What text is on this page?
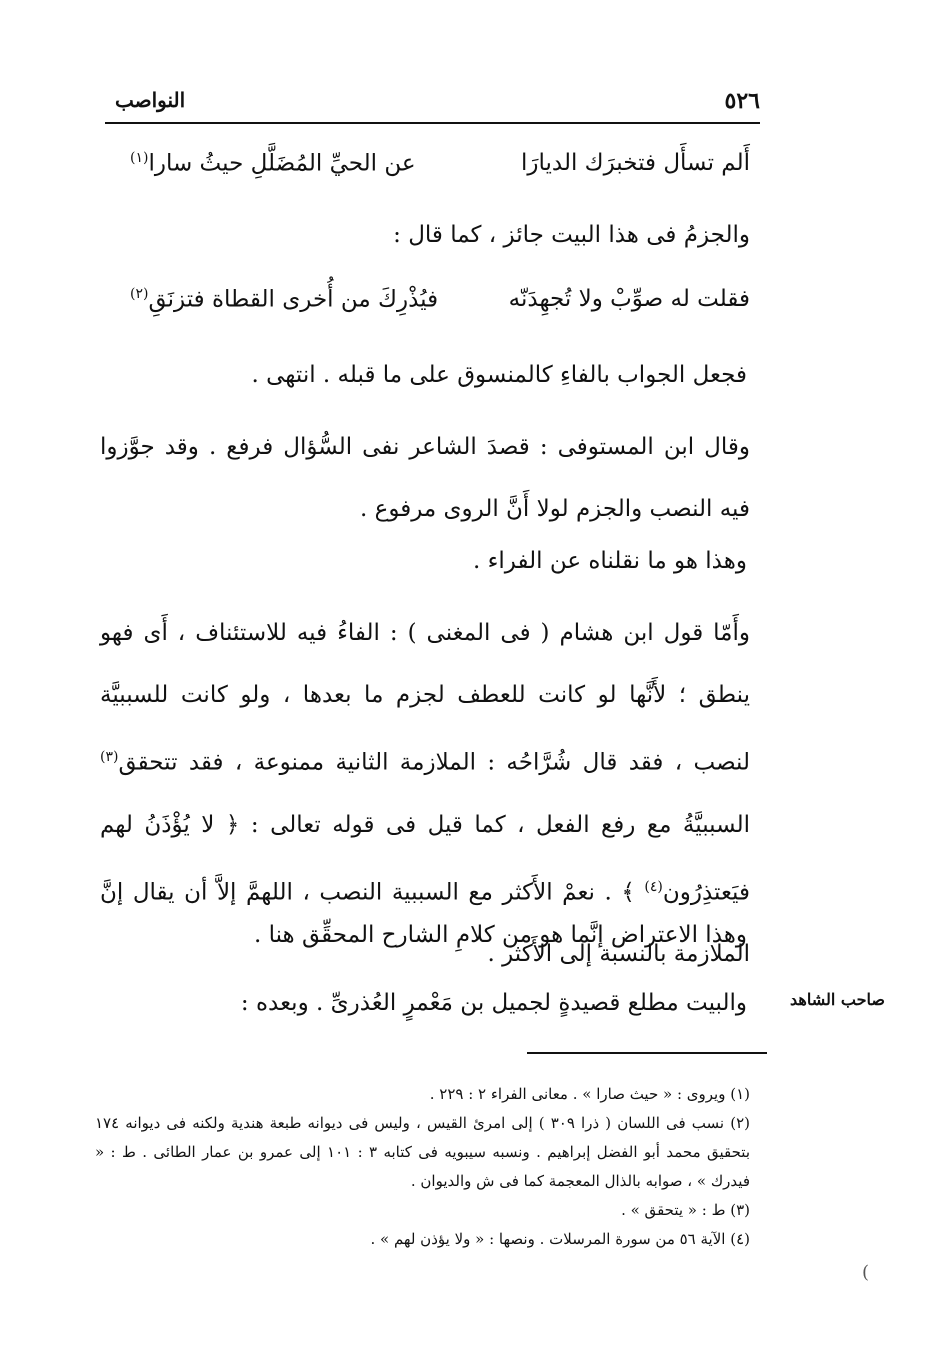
٥٢٦
النواصب
أَلم تسأَل فتخبرَك الديارَا
عن الحيِّ المُضَلَّلِ حيثُ سارا$^{(١)}$
والجزمُ فى هذا البيت جائز ، كما قال :
فقلت له صوِّبْ ولا تُجهِدَنّه
فيُذْرِكَ من أُخرى القطاة فتزنَقِ$^{(٢)}$
فجعل الجواب بالفاءِ كالمنسوق على ما قبله . انتهى .
وقال ابن المستوفى : قصدَ الشاعر نفى السُّؤال فرفع . وقد جوَّزوا فيه النصب والجزم لولا أَنَّ الروى مرفوع .
وهذا هو ما نقلناه عن الفراء .
وأَمّا قول ابن هشام ( فى المغنى ) : الفاءُ فيه للاستئناف ، أَى فهو ينطق ؛ لأَنَّها لو كانت للعطف لجزم ما بعدها ، ولو كانت للسببيَّة لنصب ، فقد قال شُرَّاحُه : الملازمة الثانية ممنوعة ، فقد تتحقق$^{(٣)}$ السببيَّةُ مع رفع الفعل ، كما قيل فى قوله تعالى : ﴿ لا يُؤْذَنُ لهم فيَعتذِرُون$^{(٤)}$ ﴾ . نعمْ الأَكثر مع السببية النصب ، اللهمَّ إلاَّ أن يقال إنَّ الملازمة بالنسبة إلى الأَكثر .
وهذا الاعتراض إنَّما هو من كلامِ الشارح المحقِّق هنا .
والبيت مطلع قصيدةٍ لجميل بن مَعْمرٍ العُذرىِّ . وبعده :	صاحب الشاهد

(١) ويروى : « حيث صارا » . معانى الفراء ٢ : ٢٢٩ .

(٢) نسب فى اللسان ( ذرا ٣٠٩ ) إلى امرئ القيس ، وليس فى ديوانه طبعة هندية ولكنه فى ديوانه ١٧٤ بتحقيق محمد أبو الفضل إبراهيم . ونسبه سيبويه فى كتابه ٣ : ١٠١ إلى عمرو بن عمار الطائى . ط : « فيدرك » ، صوابه بالذال المعجمة كما فى ش والديوان .

(٣) ط : « يتحقق » .

(٤) الآية ٥٦ من سورة المرسلات . ونصها : « ولا يؤذن لهم » .

(
